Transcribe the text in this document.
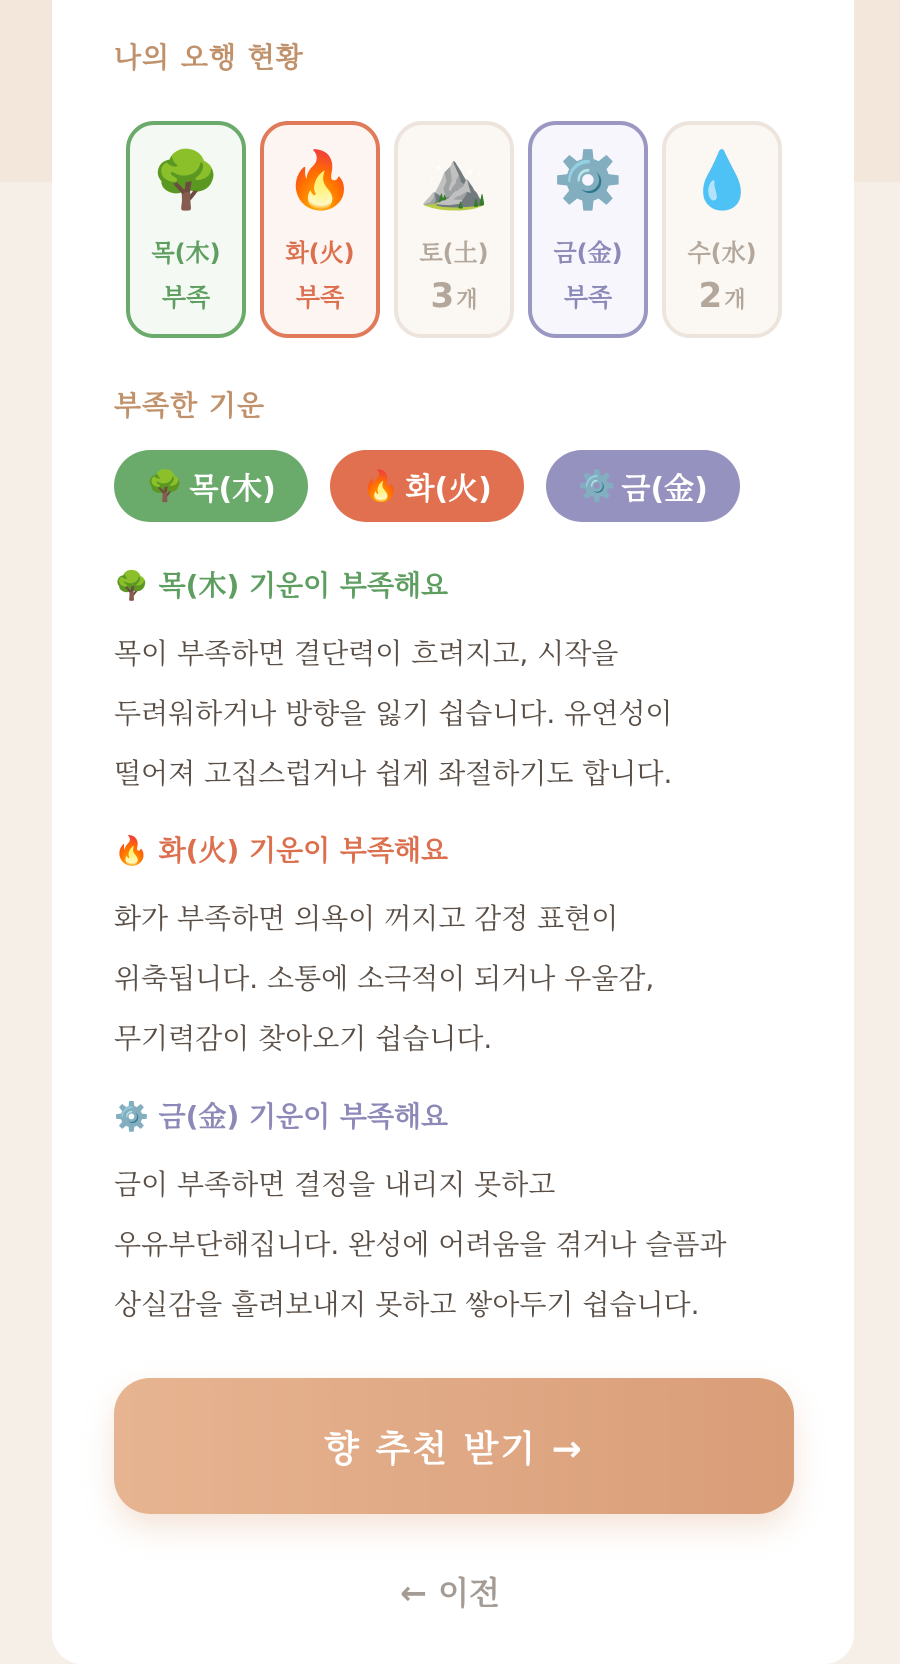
나의 오행 현황
🌳
목(木)
부족
🔥
화(火)
부족
⛰️
토(土)
3개
⚙️
금(金)
부족
💧
수(水)
2개
부족한 기운
🌳 목(木)	🔥 화(火)	⚙️ 금(金)
🌳 목(木) 기운이 부족해요
목이 부족하면 결단력이 흐려지고, 시작을
두려워하거나 방향을 잃기 쉽습니다. 유연성이
떨어져 고집스럽거나 쉽게 좌절하기도 합니다.
🔥 화(火) 기운이 부족해요
화가 부족하면 의욕이 꺼지고 감정 표현이
위축됩니다. 소통에 소극적이 되거나 우울감,
무기력감이 찾아오기 쉽습니다.
⚙️ 금(金) 기운이 부족해요
금이 부족하면 결정을 내리지 못하고
우유부단해집니다. 완성에 어려움을 겪거나 슬픔과
상실감을 흘려보내지 못하고 쌓아두기 쉽습니다.
향 추천 받기 →
← 이전
